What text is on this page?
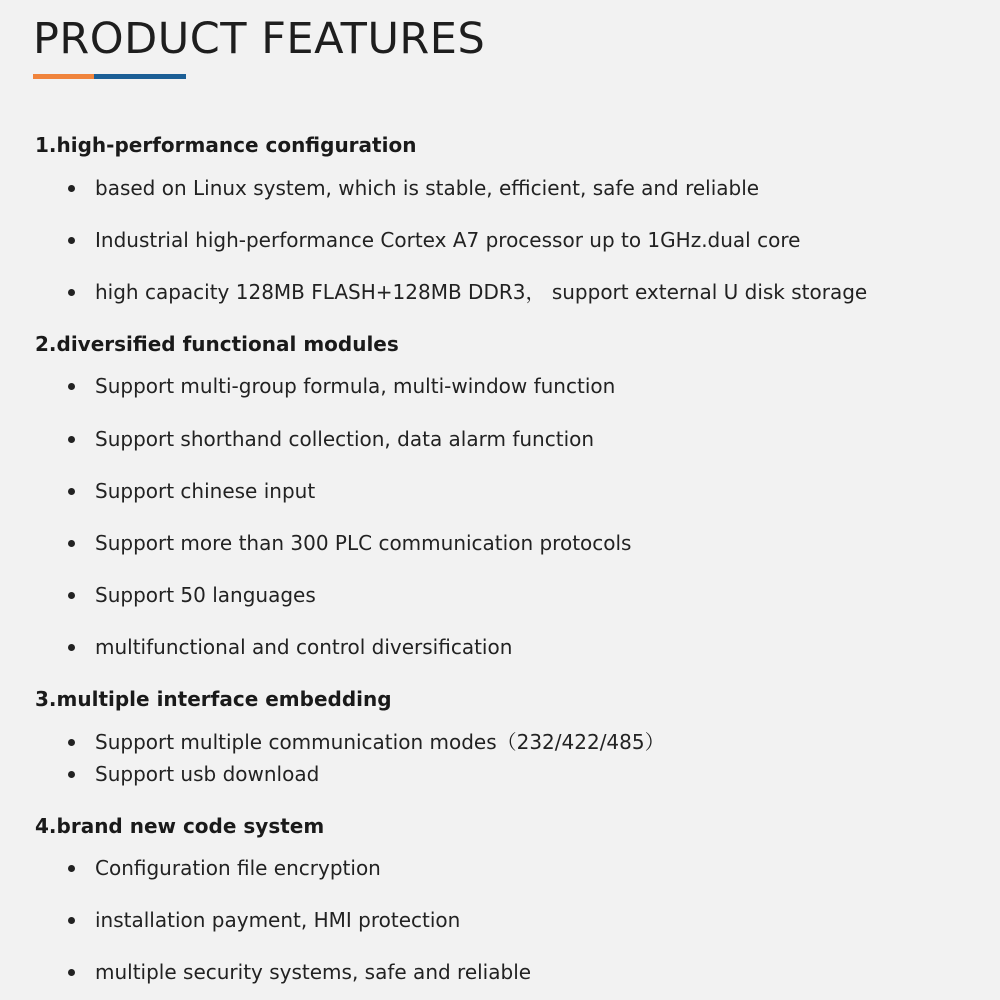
PRODUCT FEATURES
1.high-performance configuration
based on Linux system, which is stable, efficient, safe and reliable
Industrial high-performance Cortex A7 processor up to 1GHz.dual core
high capacity 128MB FLASH+128MB DDR3， support external U disk storage
2.diversified functional modules
Support multi-group formula, multi-window function
Support shorthand collection, data alarm function
Support chinese input
Support more than 300 PLC communication protocols
Support 50 languages
multifunctional and control diversification
3.multiple interface embedding
Support multiple communication modes（232/422/485）
Support usb download
4.brand new code system
Configuration file encryption
installation payment, HMI protection
multiple security systems, safe and reliable
